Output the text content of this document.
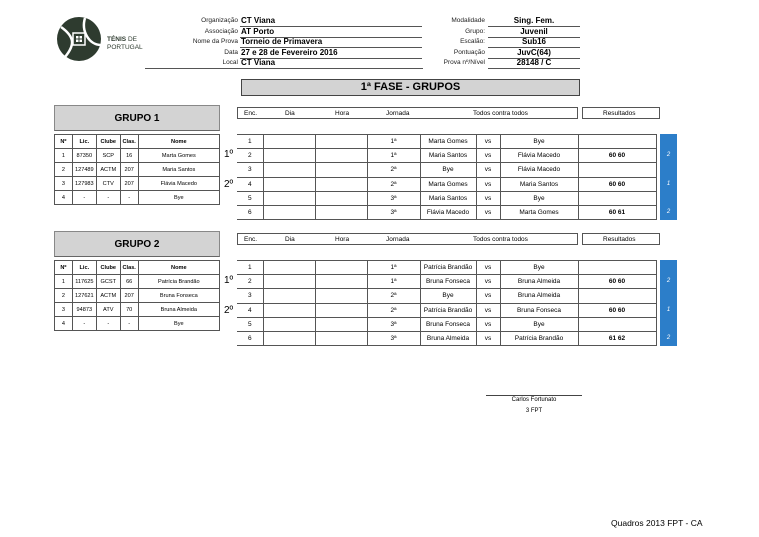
TÉNIS DE
PORTUGAL
Organização CT Viana
Associação AT Porto
Nome da Prova Torneio de Primavera
Data 27 e 28 de Fevereiro 2016
Local CT Viana
Modalidade	Sing. Fem.
Grupo:	Juvenil
Escalão:	Sub16
Pontuação	JuvC(64)
Prova nº/Nível	28148 / C
1ª FASE - GRUPOS
GRUPO 1
Nº	Lic.	Clube	Clas.	Nome
1	87350	SCP	16	Marta Gomes
2	127489	ACTM	207	Maria Santos
3	127983	CTV	207	Flávia Macedo
4	-	-	-	Bye
1º
2º
Enc.	Dia	Hora	Jornada	Todos contra todos	Resultados
1			1ª	Marta Gomes	vs	Bye	
2			1ª	Maria Santos	vs	Flávia Macedo	60 60
3			2ª	Bye	vs	Flávia Macedo	
4			2ª	Marta Gomes	vs	Maria Santos	60 60
5			3ª	Maria Santos	vs	Bye	
6			3ª	Flávia Macedo	vs	Marta Gomes	60 61
2
1
2
GRUPO 2
Nº	Lic.	Clube	Clas.	Nome
1	117625	GCST	66	Patrícia Brandão
2	127621	ACTM	207	Bruna Fonseca
3	94873	ATV	70	Bruna Almeida
4	-	-	-	Bye
1º
2º
Enc.	Dia	Hora	Jornada	Todos contra todos	Resultados
1			1ª	Patrícia Brandão	vs	Bye	
2			1ª	Bruna Fonseca	vs	Bruna Almeida	60 60
3			2ª	Bye	vs	Bruna Almeida	
4			2ª	Patrícia Brandão	vs	Bruna Fonseca	60 60
5			3ª	Bruna Fonseca	vs	Bye	
6			3ª	Bruna Almeida	vs	Patrícia Brandão	61 62
2
1
2
Carlos Fortunato
3 FPT
Quadros 2013 FPT - CA
